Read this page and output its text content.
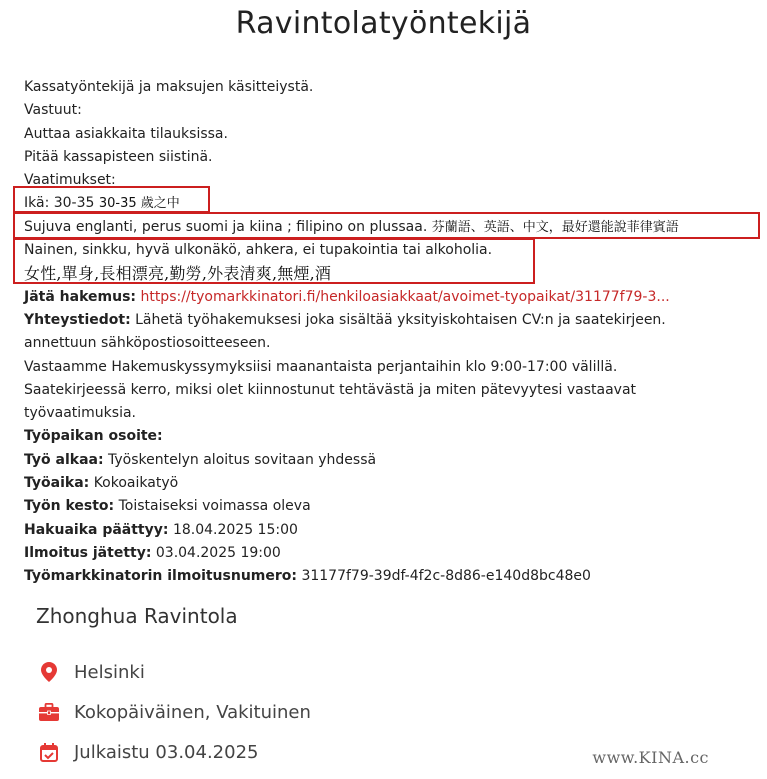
Ravintolatyöntekijä
Kassatyöntekijä ja maksujen käsitteiystä.
Vastuut:
Auttaa asiakkaita tilauksissa.
Pitää kassapisteen siistinä.
Vaatimukset:
Ikä: 30-35 30-35 歲之中
Sujuva englanti, perus suomi ja kiina ; filipino on plussaa. 芬蘭語、英語、中文，最好還能說菲律賓語
Nainen, sinkku, hyvä ulkonäkö, ahkera, ei tupakointia tai alkoholia.
女性,單身,長相漂亮,勤勞,外表清爽,無煙,酒
Jätä hakemus: https://tyomarkkinatori.fi/henkiloasiakkaat/avoimet-tyopaikat/31177f79-3...
Yhteystiedot: Lähetä työhakemuksesi joka sisältää yksityiskohtaisen CV:n ja saatekirjeen.
annettuun sähköpostiosoitteeseen.
Vastaamme Hakemuskyssymyksiisi maanantaista perjantaihin klo 9:00-17:00 välillä.
Saatekirjeessä kerro, miksi olet kiinnostunut tehtävästä ja miten pätevyytesi vastaavat
työvaatimuksia.
Työpaikan osoite:
Työ alkaa: Työskentelyn aloitus sovitaan yhdessä
Työaika: Kokoaikatyö
Työn kesto: Toistaiseksi voimassa oleva
Hakuaika päättyy: 18.04.2025 15:00
Ilmoitus jätetty: 03.04.2025 19:00
Työmarkkinatorin ilmoitusnumero: 31177f79-39df-4f2c-8d86-e140d8bc48e0
Zhonghua Ravintola
Helsinki
Kokopäiväinen, Vakituinen
Julkaistu 03.04.2025	www.KINA.cc
